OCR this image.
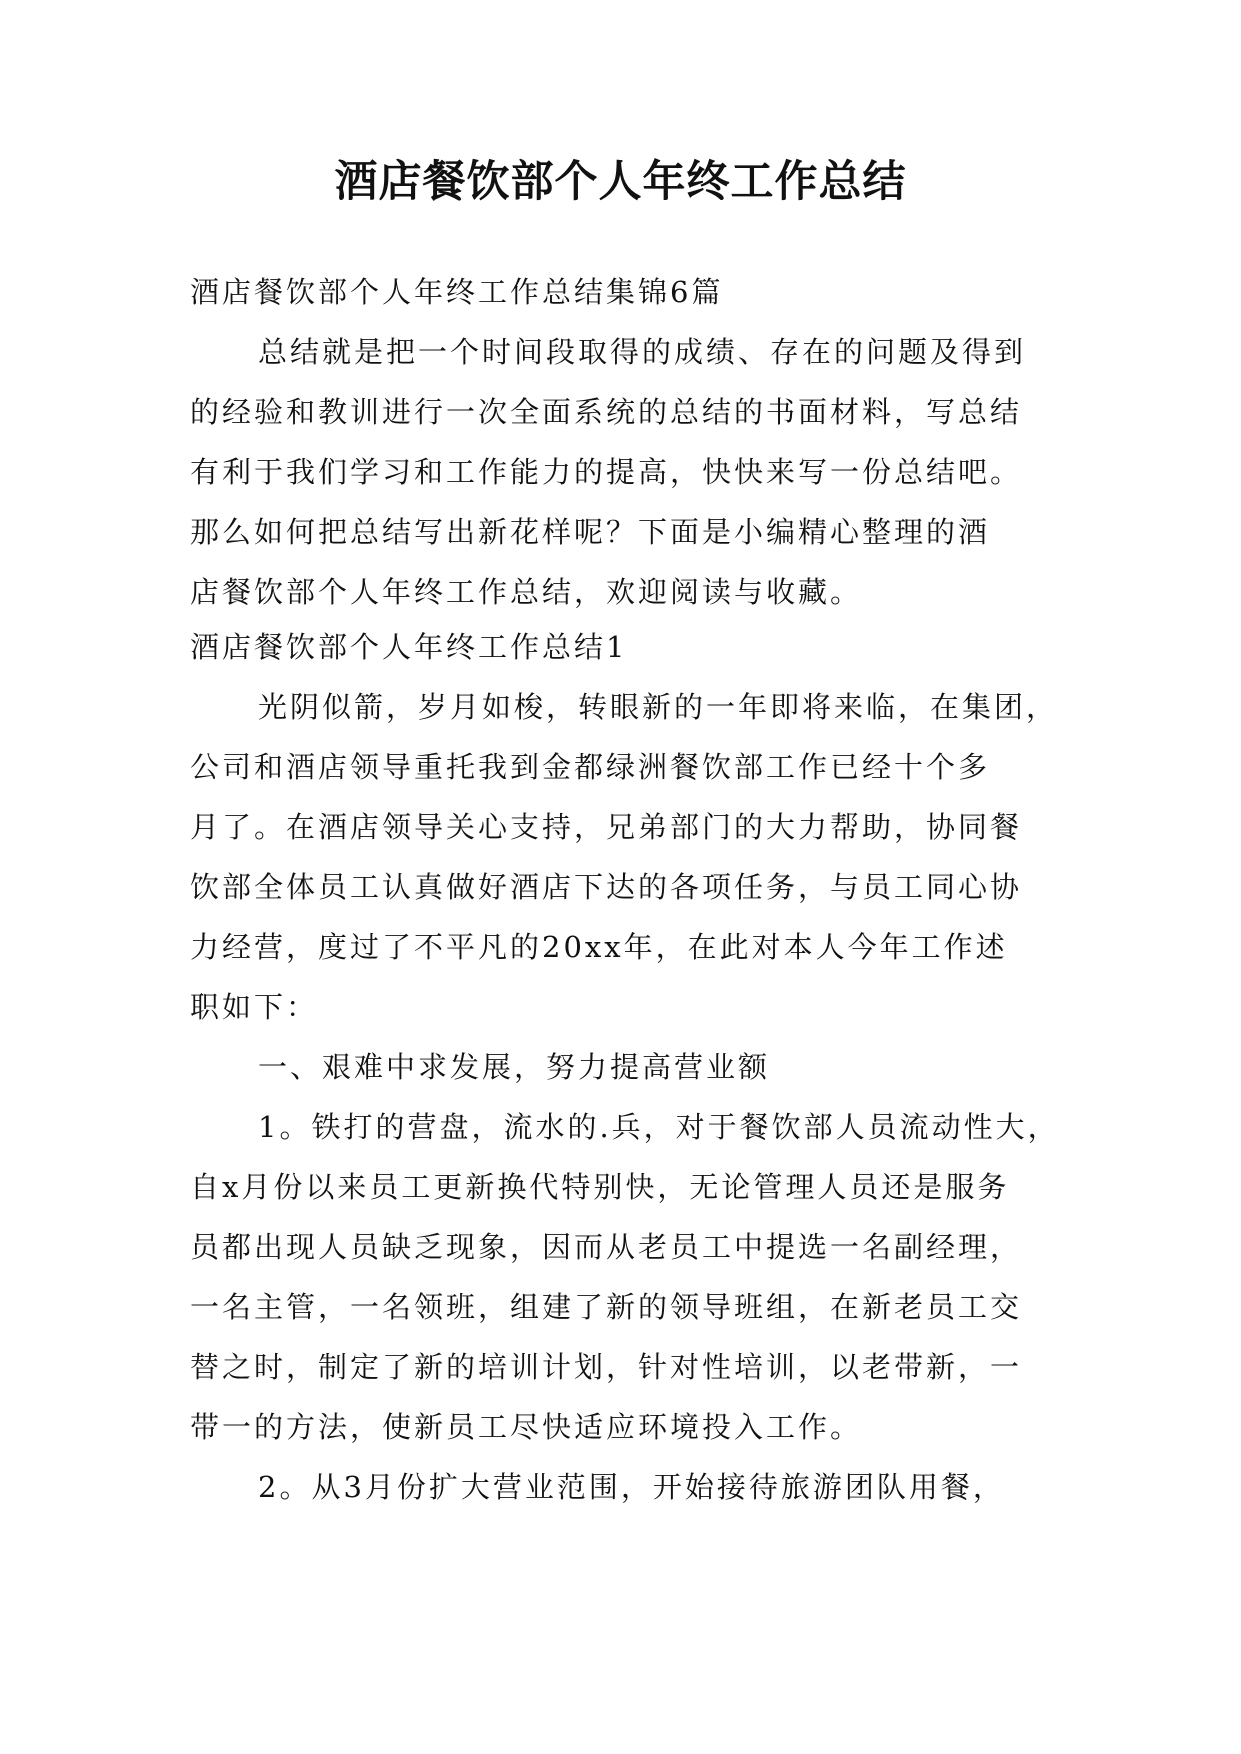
酒店餐饮部个人年终工作总结
酒店餐饮部个人年终工作总结集锦6篇
总结就是把一个时间段取得的成绩、存在的问题及得到
的经验和教训进行一次全面系统的总结的书面材料，写总结
有利于我们学习和工作能力的提高，快快来写一份总结吧。
那么如何把总结写出新花样呢？下面是小编精心整理的酒
店餐饮部个人年终工作总结，欢迎阅读与收藏。
酒店餐饮部个人年终工作总结1
光阴似箭，岁月如梭，转眼新的一年即将来临，在集团，
公司和酒店领导重托我到金都绿洲餐饮部工作已经十个多
月了。在酒店领导关心支持，兄弟部门的大力帮助，协同餐
饮部全体员工认真做好酒店下达的各项任务，与员工同心协
力经营，度过了不平凡的20xx年，在此对本人今年工作述
职如下：
一、艰难中求发展，努力提高营业额
1。铁打的营盘，流水的.兵，对于餐饮部人员流动性大，
自x月份以来员工更新换代特别快，无论管理人员还是服务
员都出现人员缺乏现象，因而从老员工中提选一名副经理，
一名主管，一名领班，组建了新的领导班组，在新老员工交
替之时，制定了新的培训计划，针对性培训，以老带新，一
带一的方法，使新员工尽快适应环境投入工作。
2。从3月份扩大营业范围，开始接待旅游团队用餐，
